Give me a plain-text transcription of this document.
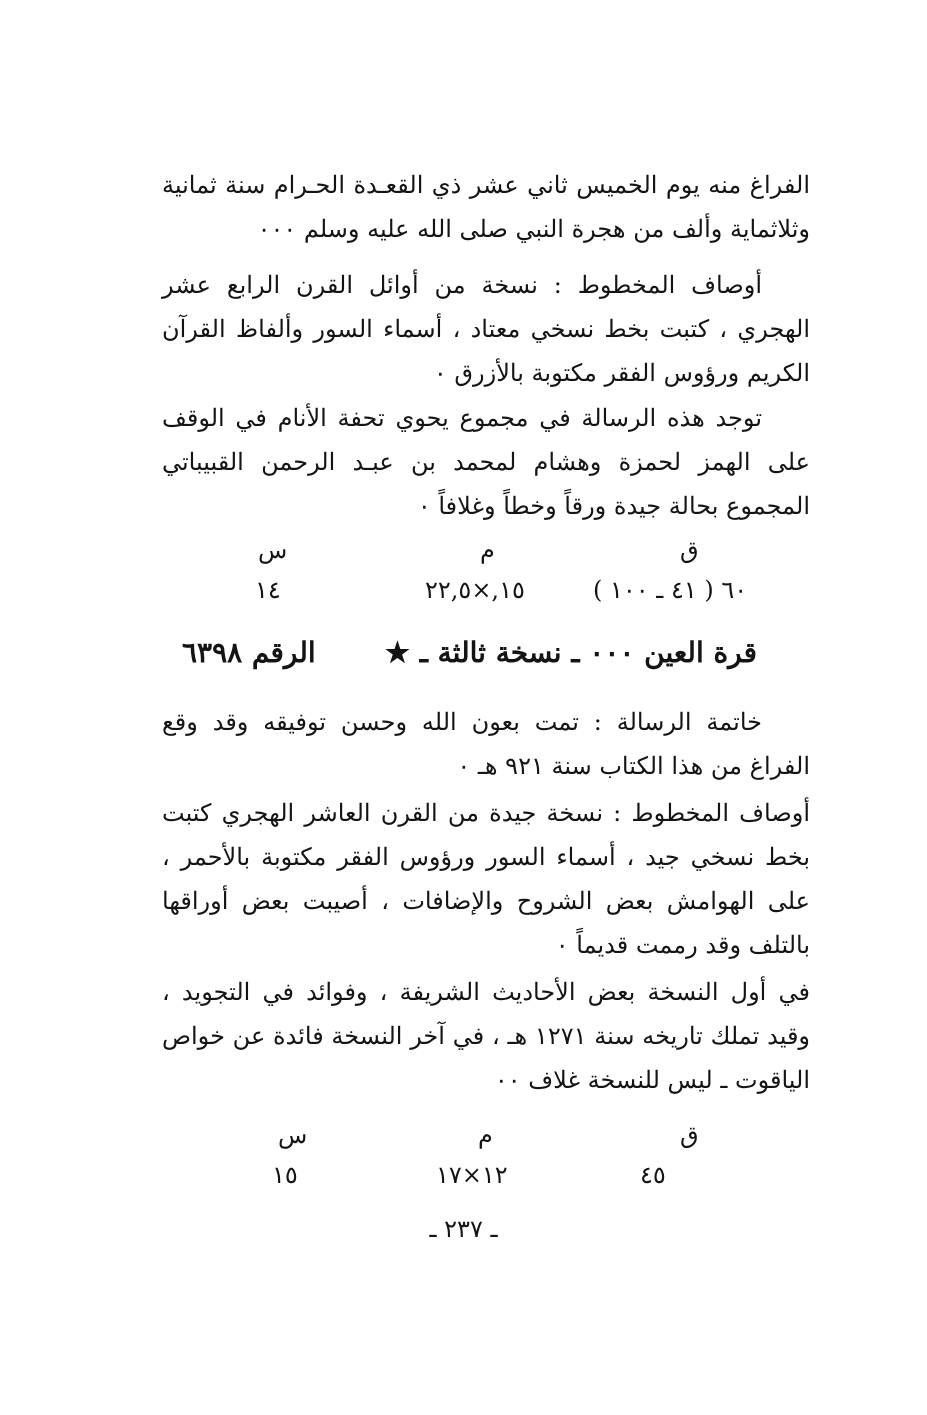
الفراغ منه يوم الخميس ثاني عشر ذي القعـدة الحـرام سنة ثمانية وثلاثماية وألف من هجرة النبي صلى الله عليه وسلم ۰۰۰

أوصاف المخطوط : نسخة من أوائل القرن الرابع عشر الهجري ، كتبت بخط نسخي معتاد ، أسماء السور وألفاظ القرآن الكريم ورؤوس الفقر مكتوبة بالأزرق ٠

توجد هذه الرسالة في مجموع يحوي تحفة الأنام في الوقف على الهمز لحمزة وهشام لمحمد بن عبـد الرحمن القبيباتي المجموع بحالة جيدة ورقاً وخطاً وغلافاً ٠

ق
م
س
٦٠ ( ٤١ ـ ١٠٠ )
١٥,×٢٢,٥
١٤
قرة العين ۰۰۰ ـ نسخة ثالثة ـ ★
الرقم ٦٣٩٨

خاتمة الرسالة : تمت بعون الله وحسن توفيقه وقد وقع الفراغ من هذا الكتاب سنة ٩٢١ هـ ٠

أوصاف المخطوط : نسخة جيدة من القرن العاشر الهجري كتبت بخط نسخي جيد ، أسماء السور ورؤوس الفقر مكتوبة بالأحمر ، على الهوامش بعض الشروح والإضافات ، أصيبت بعض أوراقها بالتلف وقد رممت قديماً ٠

في أول النسخة بعض الأحاديث الشريفة ، وفوائد في التجويد ، وقيد تملك تاريخه سنة ١٢٧١ هـ ، في آخر النسخة فائدة عن خواص الياقوت ـ ليس للنسخة غلاف ٠٠

ق
م
س
٤٥
١٢×١٧
١٥
ـ ٢٣٧ ـ
